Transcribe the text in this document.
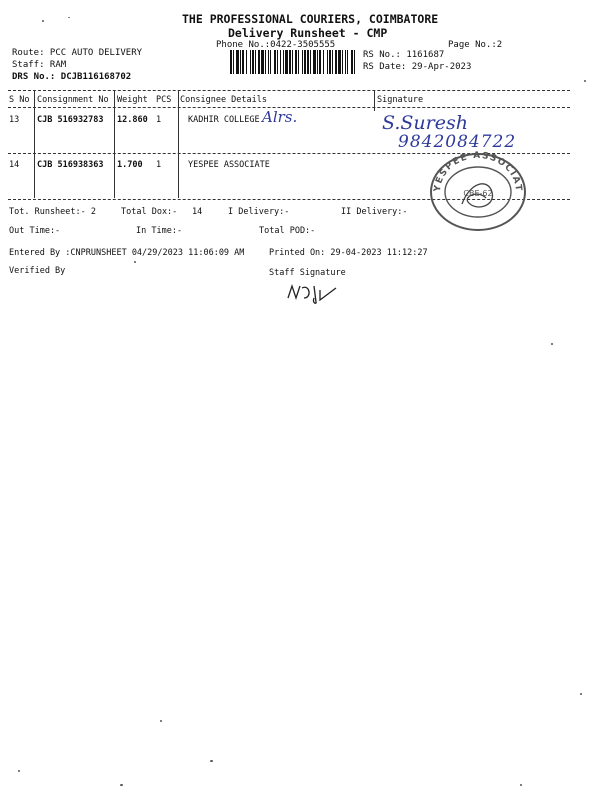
THE PROFESSIONAL COURIERS, COIMBATORE
Delivery Runsheet - CMP
Phone No.:0422-3505555	Page No.:2
Route: PCC AUTO DELIVERY
Staff: RAM
DRS No.: DCJB116168702
RS No.: 1161687
RS Date: 29-Apr-2023
S No Consignment No Weight PCS Consignee Details	Signature
13 CJB 516932783 12.860 1	KADHIR COLLEGE
14 CJB 516938363 1.700 1	YESPEE ASSOCIATE
Alrs.	S.Suresh
9842084722
YESPEE ASSOCIAT
CBE-62
Tot. Runsheet:- 2	Total Dox:- 14	I Delivery:-	II Delivery:-
Out Time:-	In Time:-	Total POD:-
Entered By :CNPRUNSHEET 04/29/2023 11:06:09 AM	Printed On: 29-04-2023 11:12:27
Verified By	Staff Signature
